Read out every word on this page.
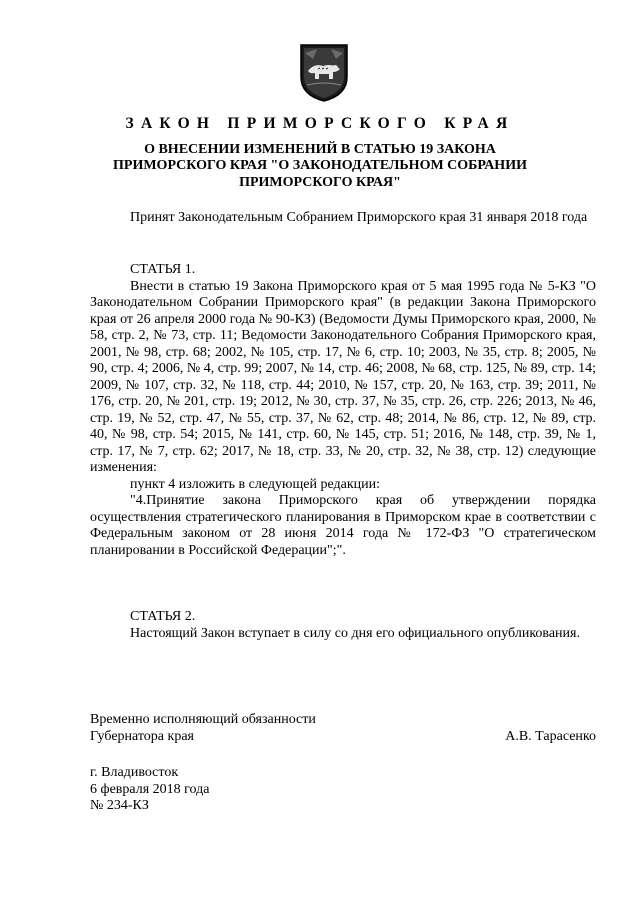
ЗАКОН ПРИМОРСКОГО КРАЯ
О ВНЕСЕНИИ ИЗМЕНЕНИЙ В СТАТЬЮ 19 ЗАКОНА
ПРИМОРСКОГО КРАЯ "О ЗАКОНОДАТЕЛЬНОМ СОБРАНИИ
ПРИМОРСКОГО КРАЯ"

Принят Законодательным Собранием Приморского края 31 января 2018 года

СТАТЬЯ 1.

Внести в статью 19 Закона Приморского края от 5 мая 1995 года № 5-КЗ "О Законодательном Собрании Приморского края" (в редакции Закона Приморского края от 26 апреля 2000 года № 90-КЗ) (Ведомости Думы Приморского края, 2000, № 58, стр. 2, № 73, стр. 11; Ведомости Законодательного Собрания Приморского края, 2001, № 98, стр. 68; 2002, № 105, стр. 17, № 6, стр. 10; 2003, № 35, стр. 8; 2005, № 90, стр. 4; 2006, № 4, стр. 99; 2007, № 14, стр. 46; 2008, № 68, стр. 125, № 89, стр. 14; 2009, № 107, стр. 32, № 118, стр. 44; 2010, № 157, стр. 20, № 163, стр. 39; 2011, № 176, стр. 20, № 201, стр. 19; 2012, № 30, стр. 37, № 35, стр. 26, стр. 226; 2013, № 46, стр. 19, № 52, стр. 47, № 55, стр. 37, № 62, стр. 48; 2014, № 86, стр. 12, № 89, стр. 40, № 98, стр. 54; 2015, № 141, стр. 60, № 145, стр. 51; 2016, № 148, стр. 39, № 1, стр. 17, № 7, стр. 62; 2017, № 18, стр. 33, № 20, стр. 32, № 38, стр. 12) следующие изменения:

пункт 4 изложить в следующей редакции:

"4.Принятие закона Приморского края об утверждении порядка осуществления стратегического планирования в Приморском крае в соответствии с Федеральным законом от 28 июня 2014 года № 172-ФЗ "О стратегическом планировании в Российской Федерации";".

СТАТЬЯ 2.

Настоящий Закон вступает в силу со дня его официального опубликования.

Временно исполняющий обязанности
Губернатора края	А.В. Тарасенко
г. Владивосток
6 февраля 2018 года
№ 234-КЗ
